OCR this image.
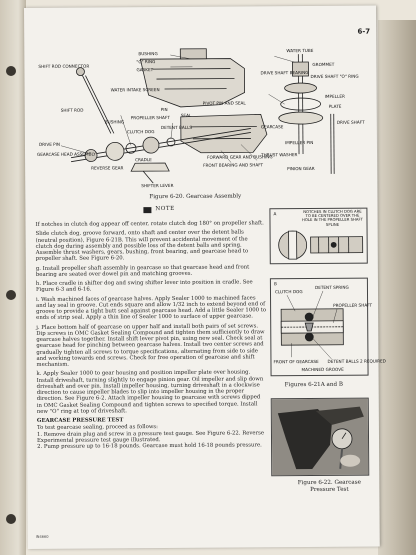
6-7
BUSHING
"O" RING
GASKET
SHIFT ROD CONNECTOR
SHIFT ROD
WATER INTAKE SCREEN
PIN
WATER TUBE
GROMMET
DRIVE SHAFT BEARING
DRIVE SHAFT "O" RING
IMPELLER
PLATE
BUSHING
PROPELLER SHAFT
CLUTCH DOG
DETENT BALLS
SEAL
PIVOT PIN AND SEAL
FRONT BEARING AND SHAFT
GEARCASE
DRIVE SHAFT
DRIVE PIN
GEARCASE HEAD ASSEMBLY
REVERSE GEAR
CRADLE
SHIFTER LEVER
FORWARD GEAR AND BUSHING
THRUST WASHER
IMPELLER PIN
PINION GEAR
Figure 6-20. Gearcase Assembly
NOTE

If notches in clutch dog appear off center, rotate clutch dog 180° on propeller shaft.

Slide clutch dog, groove forward, onto shaft and center over the detent balls (neutral position), Figure 6-21B. This will prevent accidental movement of the clutch dog during assembly and possible loss of the detent balls and spring. Assemble thrust washers, gears, bushing, front bearing, and gearcase head to propeller shaft. See Figure 6-20.

g. Install propeller shaft assembly in gearcase so that gearcase head and front bearing are seated over dowel pin and matching grooves.

h. Place cradle in shifter dog and swing shifter lever into position in cradle. See Figure 6-3 and 6-16.

i. Wash machined faces of gearcase halves. Apply Sealer 1000 to machined faces and lay seal in groove. Cut ends square and allow 1/32 inch to extend beyond end of groove to provide a tight butt seal against gearcase head. Add a little Sealer 1000 to ends of strip seal. Apply a thin line of Sealer 1000 to surface of upper gearcase.

j. Place bottom half of gearcase on upper half and install both pairs of set screws. Dip screws in OMC Gasket Sealing Compound and tighten them sufficiently to draw gearcase halves together. Install shift lever pivot pin, using new seal. Check seal at gearcase head for pinching between gearcase halves. Install two center screws and gradually tighten all screws to torque specifications, alternating from side to side and working towards end screws. Check for free operation of gearcase and shift mechanism.

k. Apply Sealer 1000 to gear housing and position impeller plate over housing. Install driveshaft, turning slightly to engage pinion gear. Oil impeller and slip down driveshaft and over pin. Install impeller housing, turning driveshaft in a clockwise direction to cause impeller blades to slip into impeller housing in the proper direction. See Figure 6-2. Attach impeller housing to gearcase with screws dipped in OMC Gasket Sealing Compound and tighten screws to specified torque. Install new "O" ring at top of driveshaft.

GEARCASE PRESSURE TEST

To test gearcase sealing, proceed as follows:

1. Remove drain plug and screw in a pressure test gauge. See Figure 6-22. Reverse Experimental pressure test gauge illustrated.

2. Pump pressure up to 16-18 pounds. Gearcase must hold 16-18 pounds pressure.

A	NOTCHES IN CLUTCH DOG ARE TO BE CENTERED OVER THE HOLE IN THE PROPELLER SHAFT SPLINE
B
CLUTCH DOG
DETENT SPRING
PROPELLER SHAFT
FRONT OF GEARCASE
MACHINED GROOVE
DETENT BALLS 2 REQUIRED
Figures 6-21A and B
Figure 6-22. Gearcase Pressure Test
IN4660
